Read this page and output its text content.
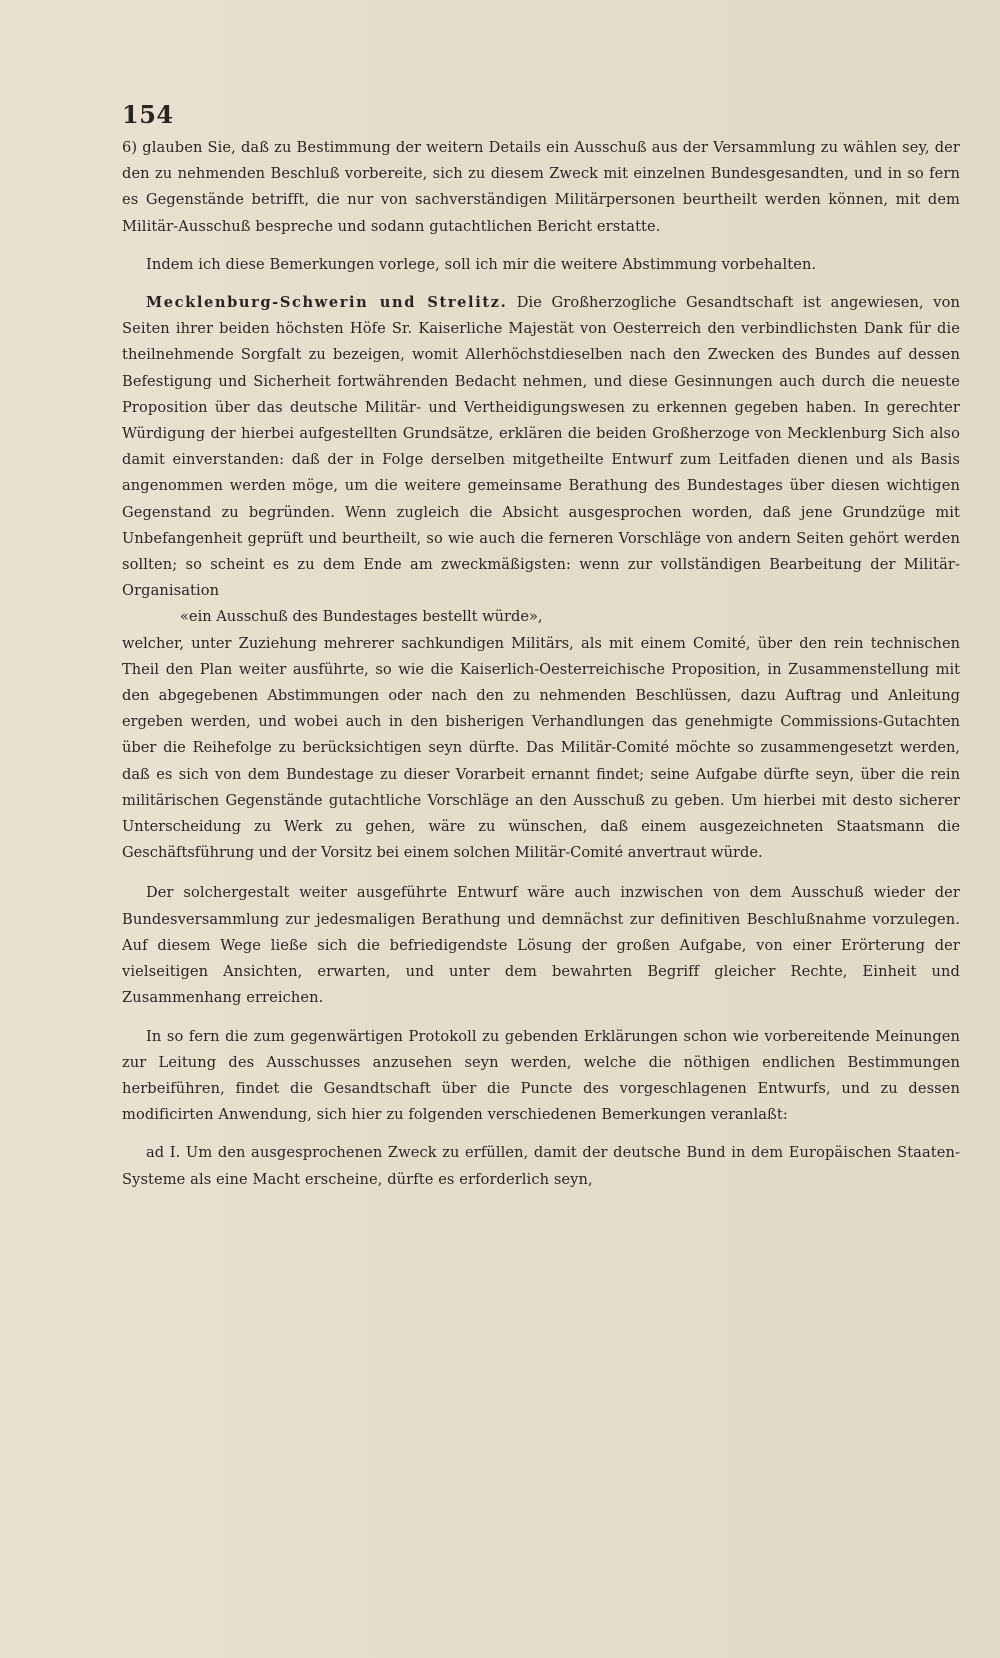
154

6) glauben Sie, daß zu Bestimmung der weitern Details ein Ausschuß aus der Versammlung zu wählen sey, der den zu nehmenden Beschluß vorbereite, sich zu diesem Zweck mit einzelnen Bundesgesandten, und in so fern es Gegenstände betrifft, die nur von sachverständigen Militärpersonen beurtheilt werden können, mit dem Militär-Ausschuß bespreche und sodann gutachtlichen Bericht erstatte.

Indem ich diese Bemerkungen vorlege, soll ich mir die weitere Abstimmung vorbehalten.

Mecklenburg-Schwerin und Strelitz. Die Großherzogliche Gesandtschaft ist angewiesen, von Seiten ihrer beiden höchsten Höfe Sr. Kaiserliche Majestät von Oesterreich den verbindlichsten Dank für die theilnehmende Sorgfalt zu bezeigen, womit Allerhöchstdieselben nach den Zwecken des Bundes auf dessen Befestigung und Sicherheit fortwährenden Bedacht nehmen, und diese Gesinnungen auch durch die neueste Proposition über das deutsche Militär- und Vertheidigungswesen zu erkennen gegeben haben. In gerechter Würdigung der hierbei aufgestellten Grundsätze, erklären die beiden Großherzoge von Mecklenburg Sich also damit einverstanden: daß der in Folge derselben mitgetheilte Entwurf zum Leitfaden dienen und als Basis angenommen werden möge, um die weitere gemeinsame Berathung des Bundestages über diesen wichtigen Gegenstand zu begründen. Wenn zugleich die Absicht ausgesprochen worden, daß jene Grundzüge mit Unbefangenheit geprüft und beurtheilt, so wie auch die ferneren Vorschläge von andern Seiten gehört werden sollten; so scheint es zu dem Ende am zweckmäßigsten: wenn zur vollständigen Bearbeitung der Militär-Organisation

«ein Ausschuß des Bundestages bestellt würde»,

welcher, unter Zuziehung mehrerer sachkundigen Militärs, als mit einem Comité, über den rein technischen Theil den Plan weiter ausführte, so wie die Kaiserlich-Oesterreichische Proposition, in Zusammenstellung mit den abgegebenen Abstimmungen oder nach den zu nehmenden Beschlüssen, dazu Auftrag und Anleitung ergeben werden, und wobei auch in den bisherigen Verhandlungen das genehmigte Commissions-Gutachten über die Reihefolge zu berücksichtigen seyn dürfte. Das Militär-Comité möchte so zusammengesetzt werden, daß es sich von dem Bundestage zu dieser Vorarbeit ernannt findet; seine Aufgabe dürfte seyn, über die rein militärischen Gegenstände gutachtliche Vorschläge an den Ausschuß zu geben. Um hierbei mit desto sicherer Unterscheidung zu Werk zu gehen, wäre zu wünschen, daß einem ausgezeichneten Staatsmann die Geschäftsführung und der Vorsitz bei einem solchen Militär-Comité anvertraut würde.

Der solchergestalt weiter ausgeführte Entwurf wäre auch inzwischen von dem Ausschuß wieder der Bundesversammlung zur jedesmaligen Berathung und demnächst zur definitiven Beschlußnahme vorzulegen. Auf diesem Wege ließe sich die befriedigendste Lösung der großen Aufgabe, von einer Erörterung der vielseitigen Ansichten, erwarten, und unter dem bewahrten Begriff gleicher Rechte, Einheit und Zusammenhang erreichen.

In so fern die zum gegenwärtigen Protokoll zu gebenden Erklärungen schon wie vorbereitende Meinungen zur Leitung des Ausschusses anzusehen seyn werden, welche die nöthigen endlichen Bestimmungen herbeiführen, findet die Gesandtschaft über die Puncte des vorgeschlagenen Entwurfs, und zu dessen modificirten Anwendung, sich hier zu folgenden verschiedenen Bemerkungen veranlaßt:

ad I. Um den ausgesprochenen Zweck zu erfüllen, damit der deutsche Bund in dem Europäischen Staaten-Systeme als eine Macht erscheine, dürfte es erforderlich seyn,
